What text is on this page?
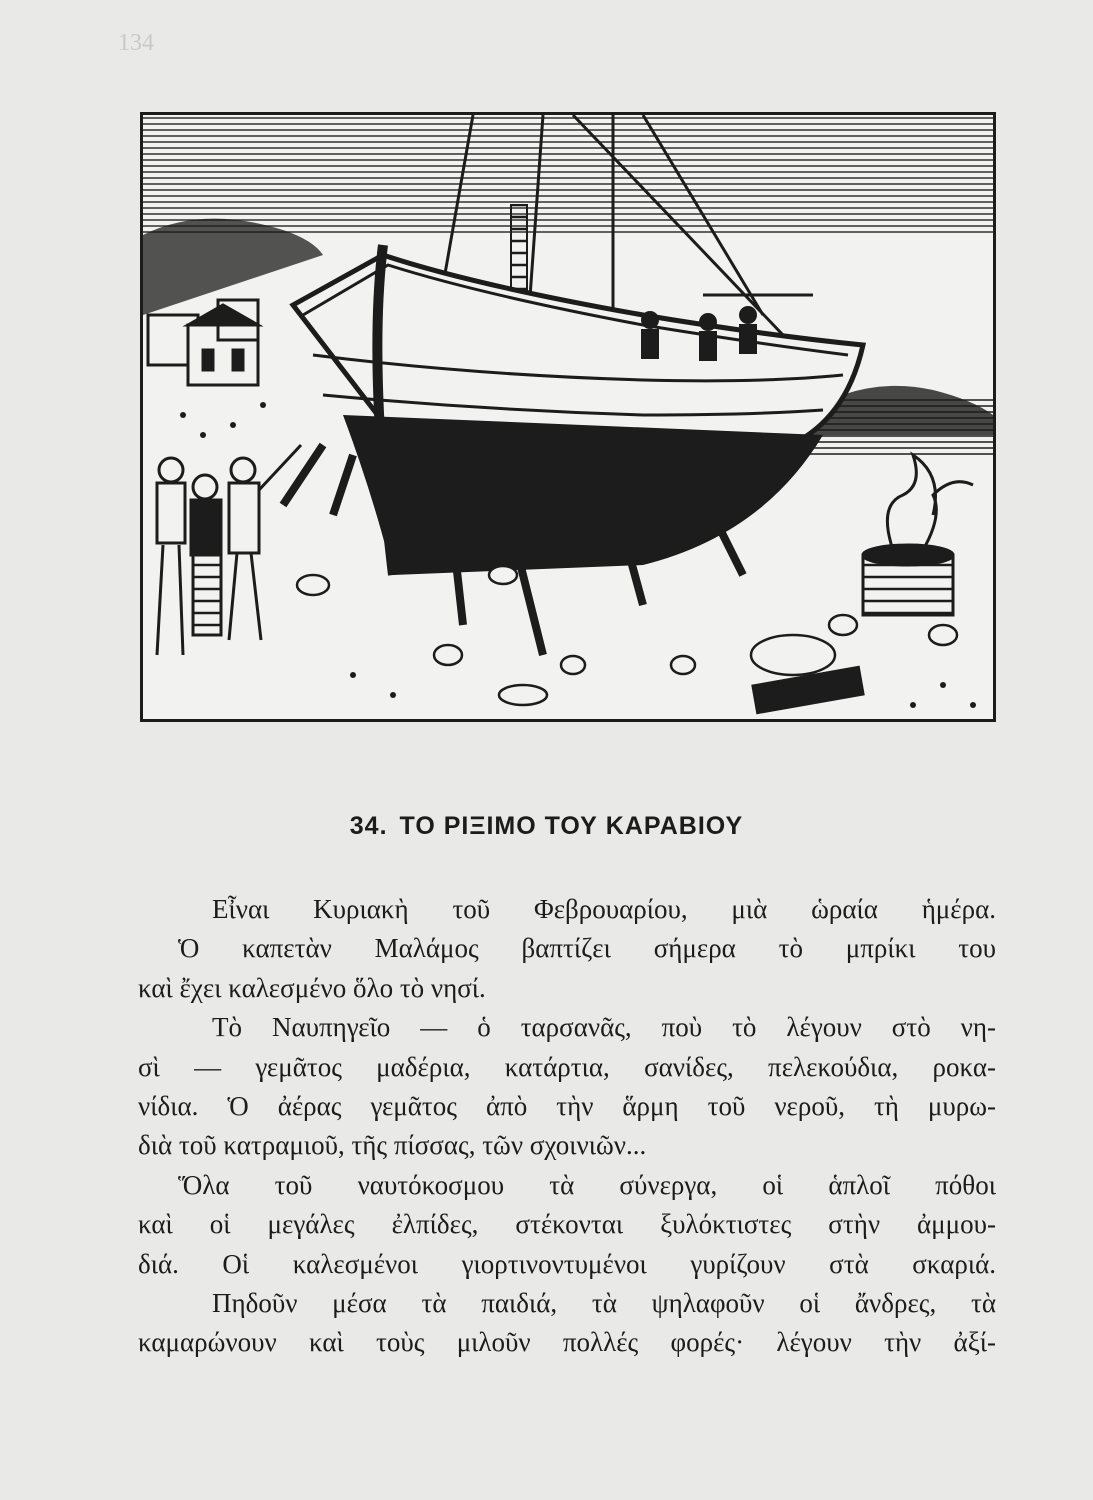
134
34. ΤΟ ΡΙΞΙΜΟ ΤΟΥ ΚΑΡΑΒΙΟΥ
Εἶναι Κυριακὴ τοῦ Φεβρουαρίου, μιὰ ὡραία ἡμέρα.
Ὁ καπετὰν Μαλάμος βαπτίζει σήμερα τὸ μπρίκι του
καὶ ἔχει καλεσμένο ὅλο τὸ νησί.
Τὸ Ναυπηγεῖο — ὁ ταρσανᾶς, ποὺ τὸ λέγουν στὸ νη-
σὶ — γεμᾶτος μαδέρια, κατάρτια, σανίδες, πελεκούδια, ροκα-
νίδια. Ὁ ἀέρας γεμᾶτος ἀπὸ τὴν ἅρμη τοῦ νεροῦ, τὴ μυρω-
διὰ τοῦ κατραμιοῦ, τῆς πίσσας, τῶν σχοινιῶν...
Ὅλα τοῦ ναυτόκοσμου τὰ σύνεργα, οἱ ἁπλοῖ πόθοι
καὶ οἱ μεγάλες ἐλπίδες, στέκονται ξυλόκτιστες στὴν ἀμμου-
διά. Οἱ καλεσμένοι γιορτινοντυμένοι γυρίζουν στὰ σκαριά.
Πηδοῦν μέσα τὰ παιδιά, τὰ ψηλαφοῦν οἱ ἄνδρες, τὰ
καμαρώνουν καὶ τοὺς μιλοῦν πολλές φορές· λέγουν τὴν ἀξί-
